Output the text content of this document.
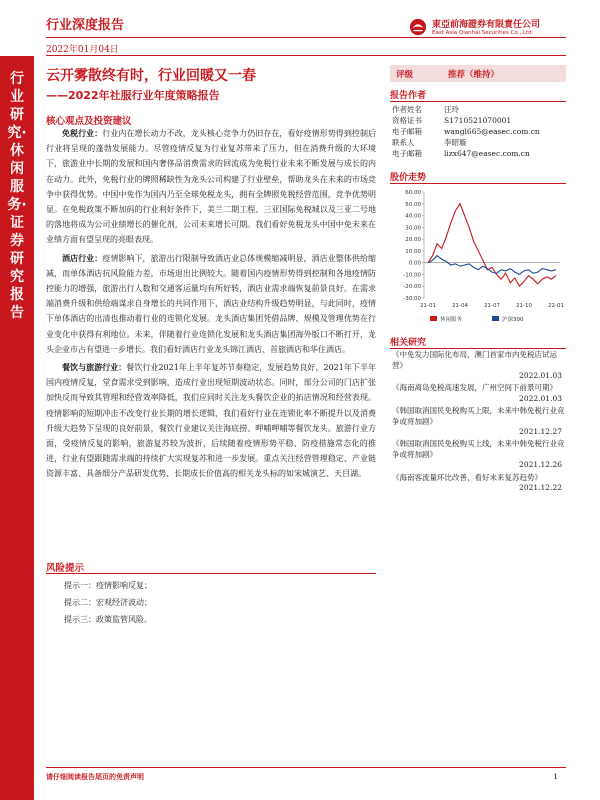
行业深度报告
2022年01月04日
東亞前海證券有限責任公司
East Asia Qianhai Securities Co., Ltd.
行业研究·休闲服务·证券研究报告
云开雾散终有时，行业回暖又一春
——2022年社服行业年度策略报告
核心观点及投资建议

免税行业：行业内在增长动力不改，龙头核心竞争力仍旧存在，看好疫情形势得到控制后行业将呈现的蓬勃发展能力。尽管疫情反复为行业复苏带来了压力，但在消费升级的大环境下，旅游业中长期的发展和国内奢侈品消费需求的回流成为免税行业未来不断发展与成长的内在动力。此外，免税行业的牌照稀缺性为龙头公司构建了行业壁垒，帮助龙头在未来的市场竞争中获得优势。中国中免作为国内乃至全球免税龙头，拥有全牌照免税经营范围，竞争优势明显。在免税政策不断加码的行业利好条件下，美兰二期工程、三亚国际免税城以及三亚二号地的落地将成为公司业绩增长的催化剂，公司未来增长可期。我们看好免税龙头中国中免未来在业绩方面有望呈现的亮眼表现。

酒店行业：疫情影响下，旅游出行限制导致酒店业总体规模缩减明显，酒店业整体供给缩减，而单体酒店抗风险能力差，市场退出比例较大。随着国内疫情形势得到控制和各地疫情防控能力的增强，旅游出行人数和交通客运量均有所好转，酒店业需求端恢复前景良好。在需求端消费升级和供给端谋求自身增长的共同作用下，酒店业结构升级趋势明显，与此同时，疫情下单体酒店的出清也推动着行业的连锁化发展。龙头酒店集团凭借品牌、规模及管理优势在行业变化中获得有利地位。未来，伴随着行业连锁化发展和龙头酒店集团海外版口不断打开，龙头企业市占有望进一步增长。我们看好酒店行业龙头锦江酒店、首旅酒店和华住酒店。

餐饮与旅游行业：餐饮行业2021年上半年复苏节奏稳定，发展趋势良好，2021年下半年国内疫情反复，堂食需求受到影响，造成行业出现短期波动状态。同时，部分公司的门店扩张加快反而导致其管理和经营效率降低，我们应同时关注龙头餐饮企业的拓店情况和经营表现。疫情影响的短期冲击不改变行业长期的增长逻辑，我们看好行业在连锁化率不断提升以及消费升级大趋势下呈现的良好前景，餐饮行业建议关注海底捞、呷哺呷哺等餐饮龙头。旅游行业方面，受疫情反复的影响，旅游复苏较为波折，后续随着疫情形势平稳、防疫措施常态化的推进，行业有望跟随需求端的持续扩大实现复苏和进一步发展。重点关注经营管理稳定、产业链资源丰富、具备细分产品研发优势、长期成长价值高的相关龙头标的如宋城演艺、天目湖。

风险提示
提示一：疫情影响反复；
提示二：宏观经济波动；
提示三：政策监管风险。
评级	推荐（维持）
报告作者
作者姓名	汪玲
资格证书	S1710521070001
电子邮箱	wangl665@easec.com.cn
联系人	李昭璇
电子邮箱	lizx647@easec.com.cn
股价走势
60.00
50.00
40.00
30.00
20.00
10.00
0.00
-10.00
-20.00
-30.00
21-01	21-04	21-07	21-10	22-01
休闲服务	沪深300
相关研究
《中免发力国际化布局，澳门首家市内免税店试运营》
2022.01.03
《海南离岛免税高速发展，广州空间下前景可期》
2022.01.03
《韩国取消国民免税购买上限，未来中韩免税行业竞争或将加剧》
2021.12.27
《韩国取消国民免税购买上线，未来中韩免税行业竞争或将加剧》
2021.12.26
《海南客流量环比改善，看好未来复苏趋势》
2021.12.22
请仔细阅读报告尾页的免责声明	1
